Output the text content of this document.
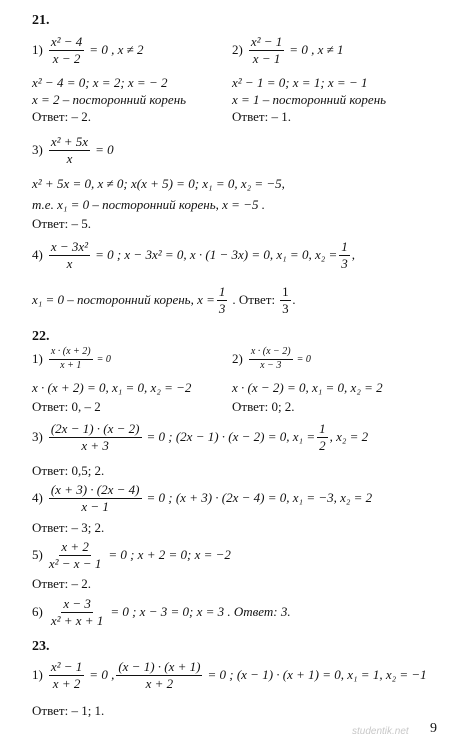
21.
$1) \frac{\text{x² − 4}}{x - 2} = 0$ , x ≠ 2
x² − 4 = 0; x = 2; x = − 2
x = 2 – посторонний корень
Ответ: – 2.
$2) \frac{\text{x² − 1}}{x - 1} = 0$ , x ≠ 1
x² − 1 = 0; x = 1; x = − 1
x = 1 – посторонний корень
Ответ: – 1.
$3) \frac{\text{x² + 5x}}{x} = 0$
x² + 5x = 0, x ≠ 0; x(x + 5) = 0; x₁ = 0, x₂ = −5,
т.е. x₁ = 0 – посторонний корень, x = −5 .
Ответ: – 5.
$4) \frac{\text{x − 3x²}}{x} = 0$ ; x − 3x² = 0, x · (1 − 3x) = 0, x₁ = 0, $x_2 = \frac{1}{3}$ ,
x₁ = 0 – посторонний корень, $x = \frac{1}{3}$ . Ответ: $\frac{1}{3}$ .
22.
$1) \frac{x \cdot (x + 2)}{x + 1} = 0$
x · (x + 2) = 0, x₁ = 0, x₂ = −2
Ответ: 0, – 2
$2) \frac{x \cdot (x - 2)}{x - 3} = 0$
x · (x − 2) = 0, x₁ = 0, x₂ = 2
Ответ: 0; 2.
$3) \frac{(2x - 1) \cdot (x - 2)}{x + 3} = 0$ ; (2x − 1) · (x − 2) = 0, $x_1 = \frac{1}{2}$ , x₂ = 2
Ответ: 0,5; 2.
$4) \frac{(x + 3) \cdot (2x - 4)}{x - 1} = 0$ ; (x + 3) · (2x − 4) = 0, x₁ = −3, x₂ = 2
Ответ: – 3; 2.
$5) \frac{x + 2}{\text{x² − x − 1}} = 0$ ; x + 2 = 0; x = −2
Ответ: – 2.
$6) \frac{x - 3}{\text{x² + x + 1}} = 0$ ; x − 3 = 0; x = 3 . Ответ: 3.
23.
$1) \frac{\text{x² − 1}}{x + 2} = 0$ , $\frac{(x - 1) \cdot (x + 1)}{x + 2} = 0$ ; (x − 1) · (x + 1) = 0, x₁ = 1, x₂ = −1
Ответ: – 1; 1.
studentik.net 9
